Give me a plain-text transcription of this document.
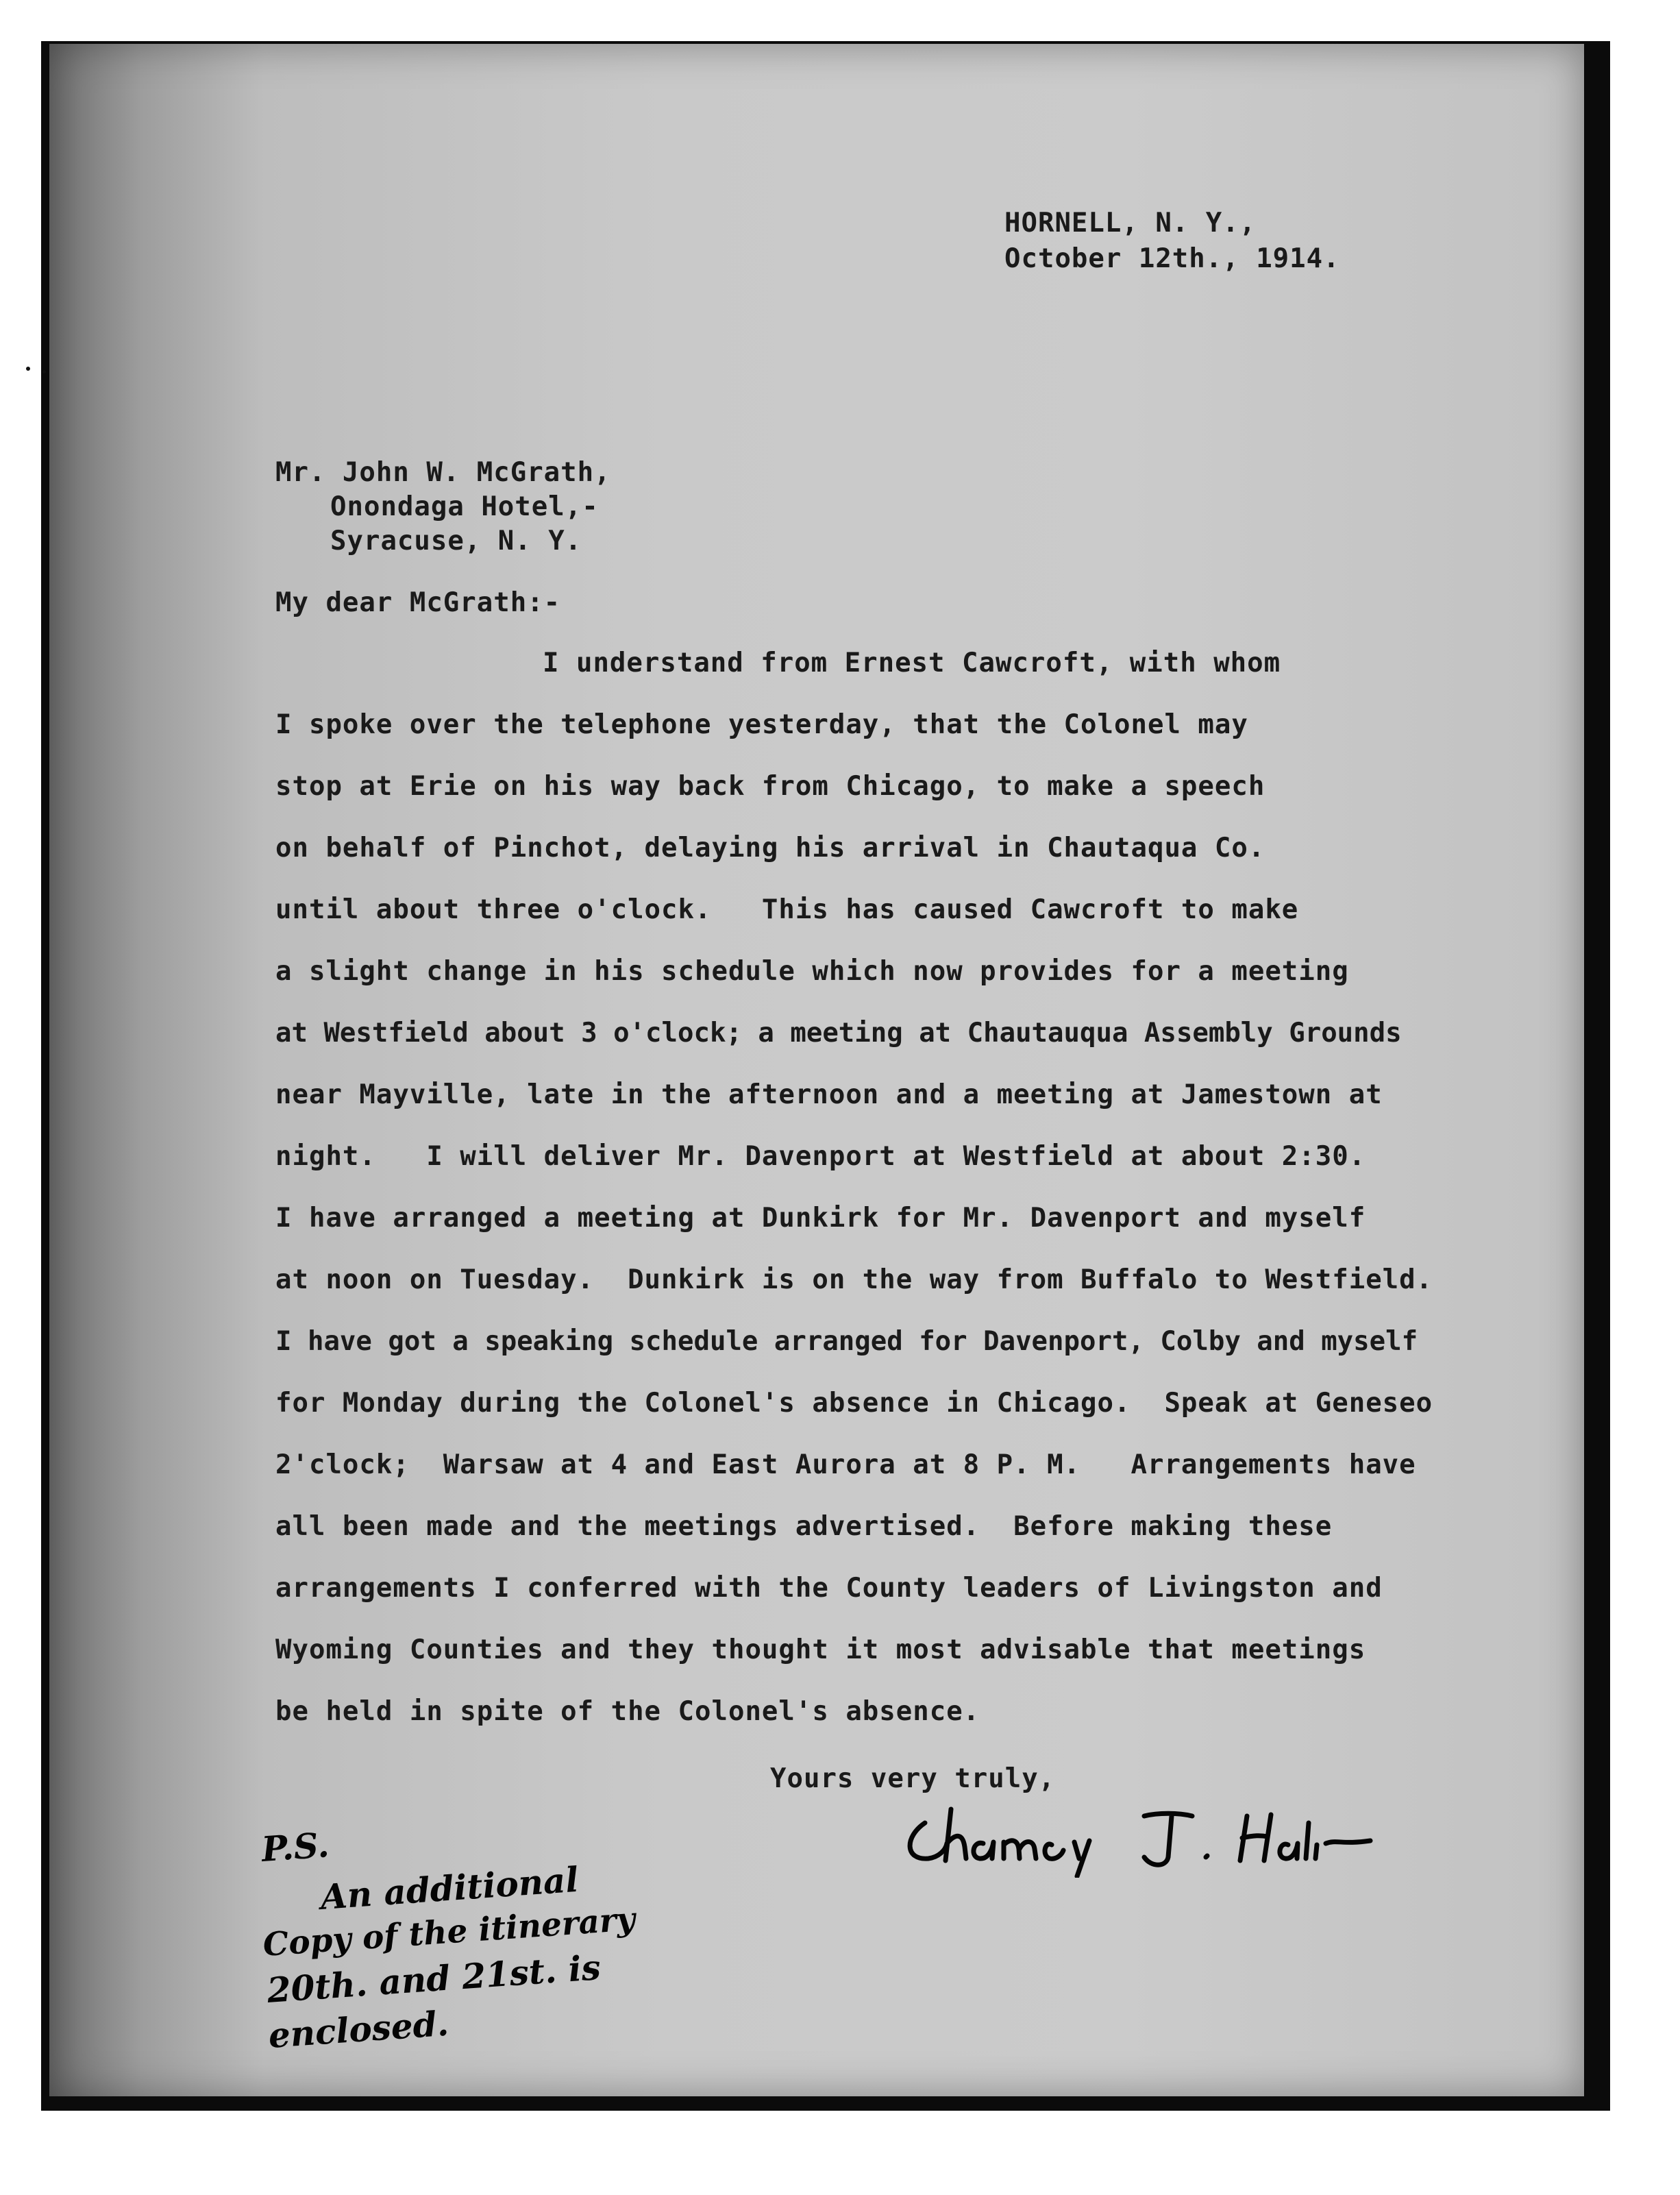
HORNELL, N. Y.,
October 12th., 1914.
Mr. John W. McGrath,
Onondaga Hotel,-
Syracuse, N. Y.
My dear McGrath:-
I understand from Ernest Cawcroft, with whom
I spoke over the telephone yesterday, that the Colonel may
stop at Erie on his way back from Chicago, to make a speech
on behalf of Pinchot, delaying his arrival in Chautaqua Co.
until about three o'clock.   This has caused Cawcroft to make
a slight change in his schedule which now provides for a meeting
at Westfield about 3 o'clock; a meeting at Chautauqua Assembly Grounds
near Mayville, late in the afternoon and a meeting at Jamestown at
night.   I will deliver Mr. Davenport at Westfield at about 2:30.
I have arranged a meeting at Dunkirk for Mr. Davenport and myself
at noon on Tuesday.  Dunkirk is on the way from Buffalo to Westfield.
I have got a speaking schedule arranged for Davenport, Colby and myself
for Monday during the Colonel's absence in Chicago.  Speak at Geneseo
2'clock;  Warsaw at 4 and East Aurora at 8 P. M.   Arrangements have
all been made and the meetings advertised.  Before making these
arrangements I conferred with the County leaders of Livingston and
Wyoming Counties and they thought it most advisable that meetings
be held in spite of the Colonel's absence.
Yours very truly,
P.S.
An additional
Copy of the itinerary
20th. and 21st. is
enclosed.
